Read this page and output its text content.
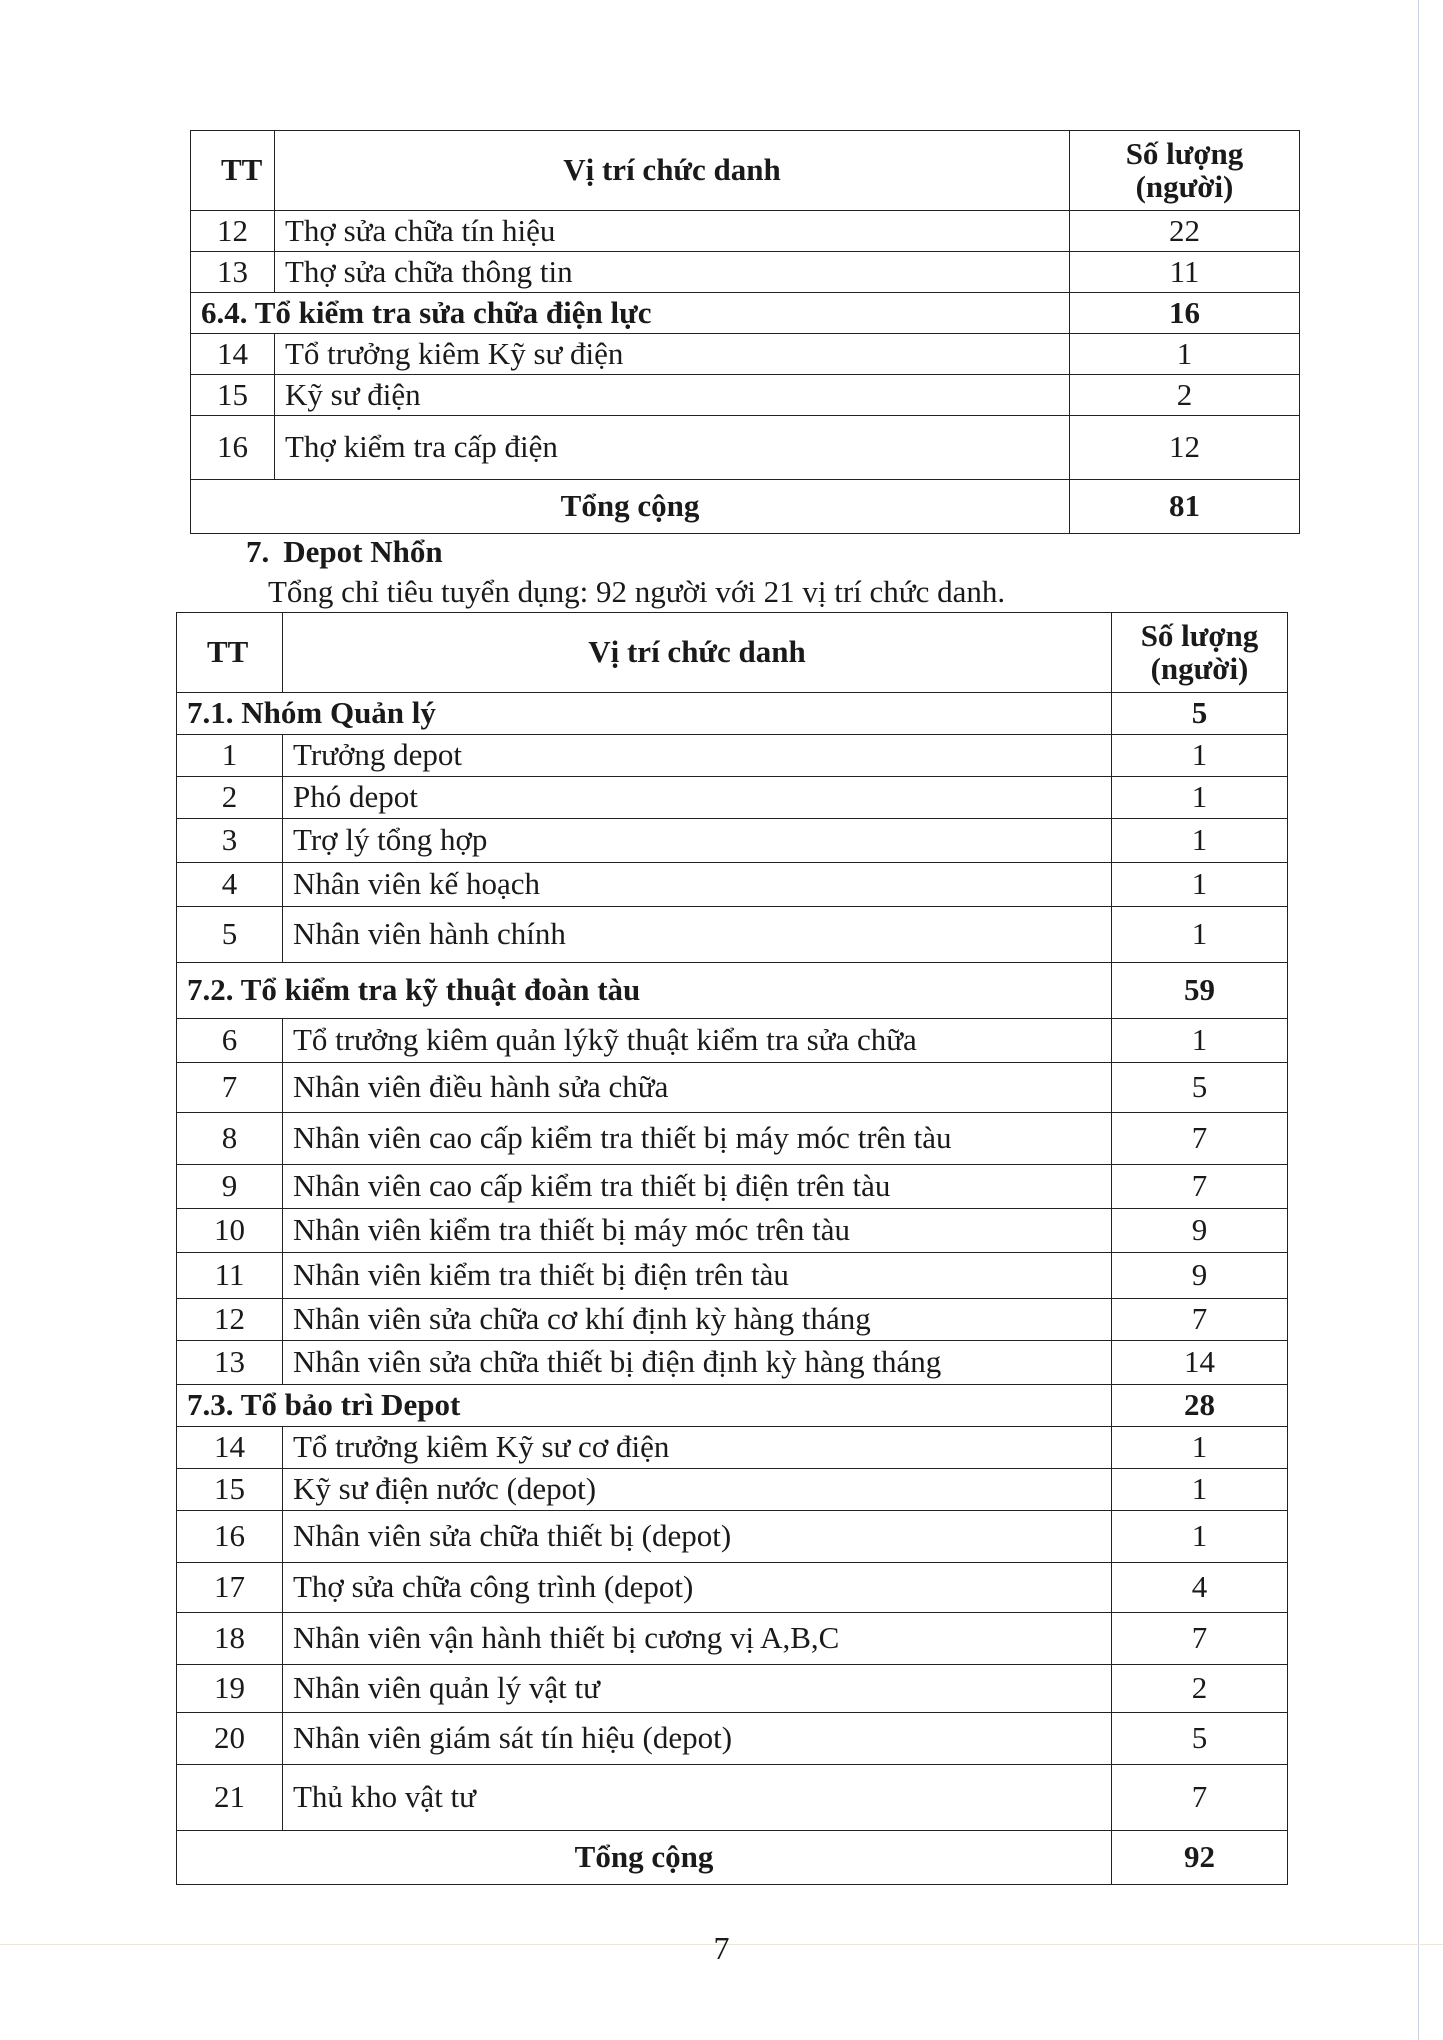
TT	Vị trí chức danh	Số lượng
(người)
12	Thợ sửa chữa tín hiệu	22
13	Thợ sửa chữa thông tin	11
6.4. Tổ kiểm tra sửa chữa điện lực		16
14	Tổ trưởng kiêm Kỹ sư điện	1
15	Kỹ sư điện	2
16	Thợ kiểm tra cấp điện	12
Tổng cộng		81
7. Depot Nhổn
Tổng chỉ tiêu tuyển dụng: 92 người với 21 vị trí chức danh.
TT	Vị trí chức danh	Số lượng
(người)
7.1. Nhóm Quản lý		5
1	Trưởng depot	1
2	Phó depot	1
3	Trợ lý tổng hợp	1
4	Nhân viên kế hoạch	1
5	Nhân viên hành chính	1
7.2. Tổ kiểm tra kỹ thuật đoàn tàu		59
6	Tổ trưởng kiêm quản lýkỹ thuật kiểm tra sửa chữa	1
7	Nhân viên điều hành sửa chữa	5
8	Nhân viên cao cấp kiểm tra thiết bị máy móc trên tàu	7
9	Nhân viên cao cấp kiểm tra thiết bị điện trên tàu	7
10	Nhân viên kiểm tra thiết bị máy móc trên tàu	9
11	Nhân viên kiểm tra thiết bị điện trên tàu	9
12	Nhân viên sửa chữa cơ khí định kỳ hàng tháng	7
13	Nhân viên sửa chữa thiết bị điện định kỳ hàng tháng	14
7.3. Tổ bảo trì Depot		28
14	Tổ trưởng kiêm Kỹ sư cơ điện	1
15	Kỹ sư điện nước (depot)	1
16	Nhân viên sửa chữa thiết bị (depot)	1
17	Thợ sửa chữa công trình (depot)	4
18	Nhân viên vận hành thiết bị cương vị A,B,C	7
19	Nhân viên quản lý vật tư	2
20	Nhân viên giám sát tín hiệu (depot)	5
21	Thủ kho vật tư	7
Tổng cộng		92
7
